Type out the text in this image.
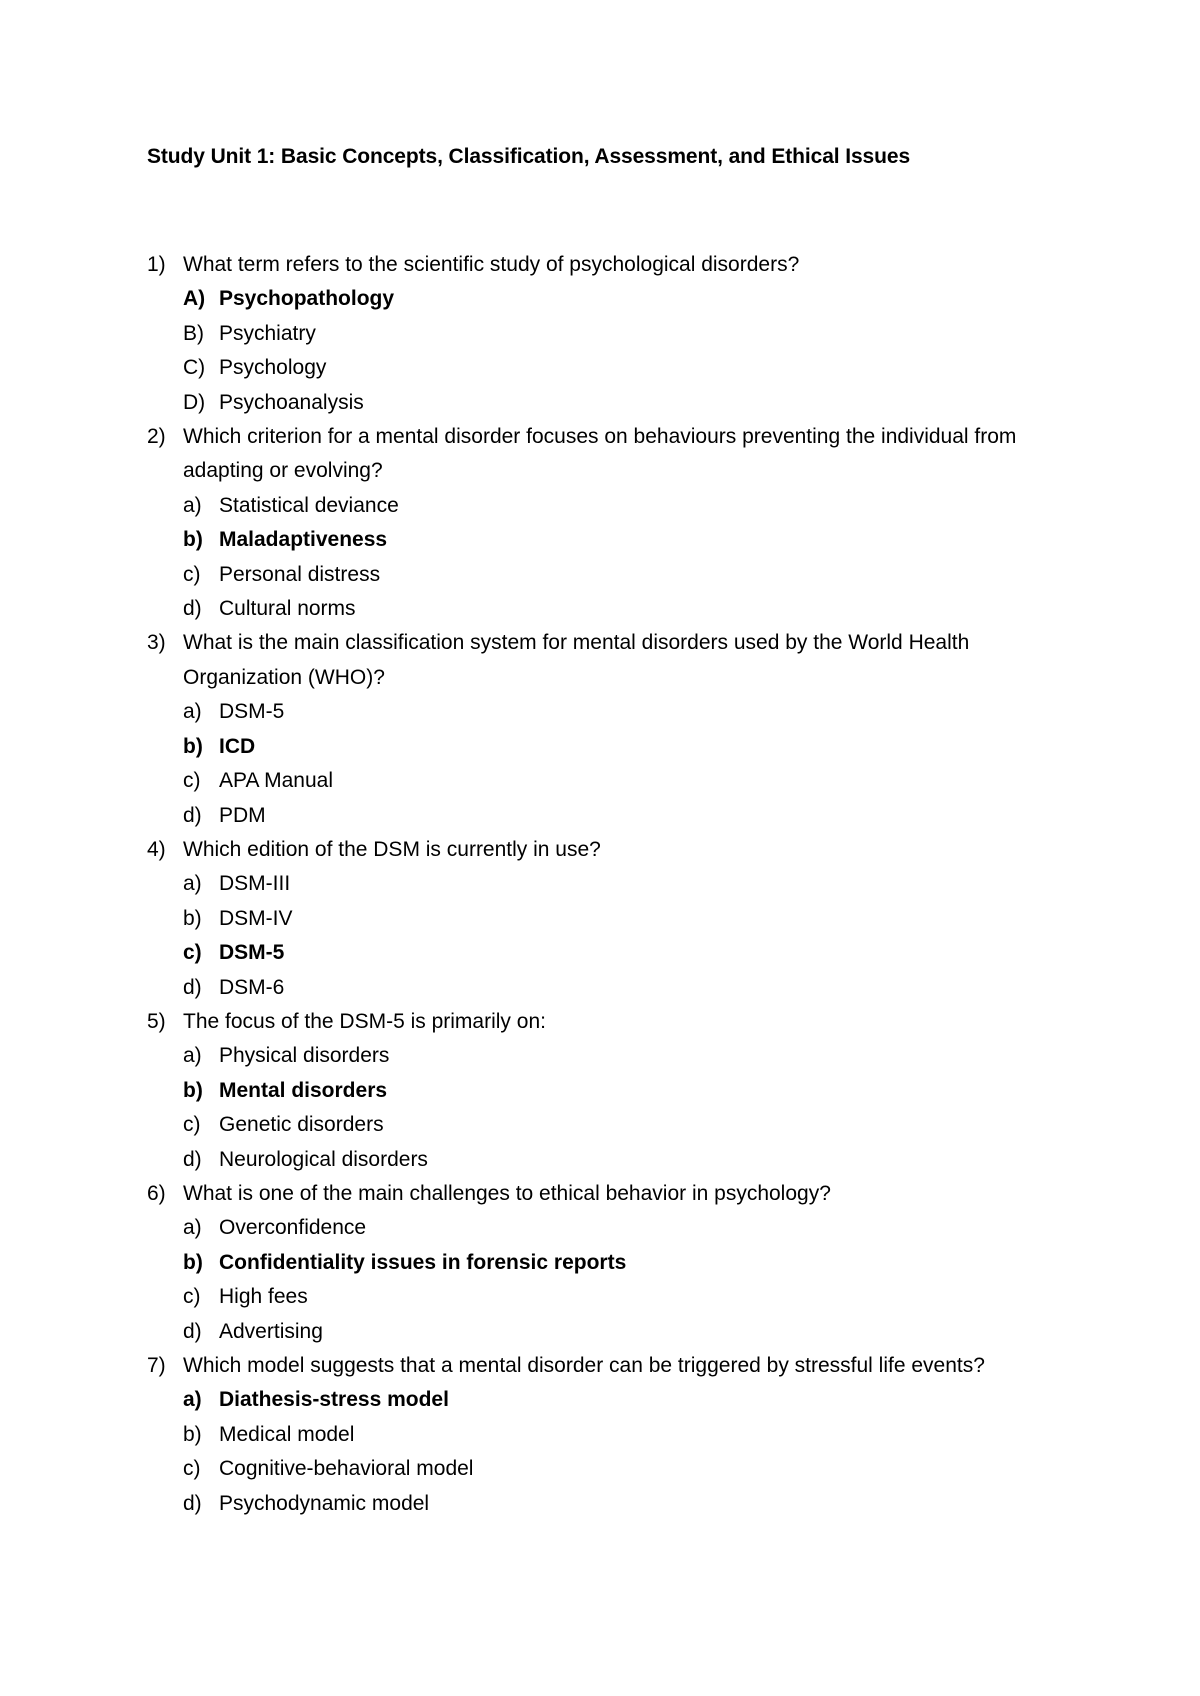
Study Unit 1: Basic Concepts, Classification, Assessment, and Ethical Issues
1) What term refers to the scientific study of psychological disorders?
A) Psychopathology
B) Psychiatry
C) Psychology
D) Psychoanalysis
2) Which criterion for a mental disorder focuses on behaviours preventing the individual from adapting or evolving?
a) Statistical deviance
b) Maladaptiveness
c) Personal distress
d) Cultural norms
3) What is the main classification system for mental disorders used by the World Health Organization (WHO)?
a) DSM-5
b) ICD
c) APA Manual
d) PDM
4) Which edition of the DSM is currently in use?
a) DSM-III
b) DSM-IV
c) DSM-5
d) DSM-6
5) The focus of the DSM-5 is primarily on:
a) Physical disorders
b) Mental disorders
c) Genetic disorders
d) Neurological disorders
6) What is one of the main challenges to ethical behavior in psychology?
a) Overconfidence
b) Confidentiality issues in forensic reports
c) High fees
d) Advertising
7) Which model suggests that a mental disorder can be triggered by stressful life events?
a) Diathesis-stress model
b) Medical model
c) Cognitive-behavioral model
d) Psychodynamic model
